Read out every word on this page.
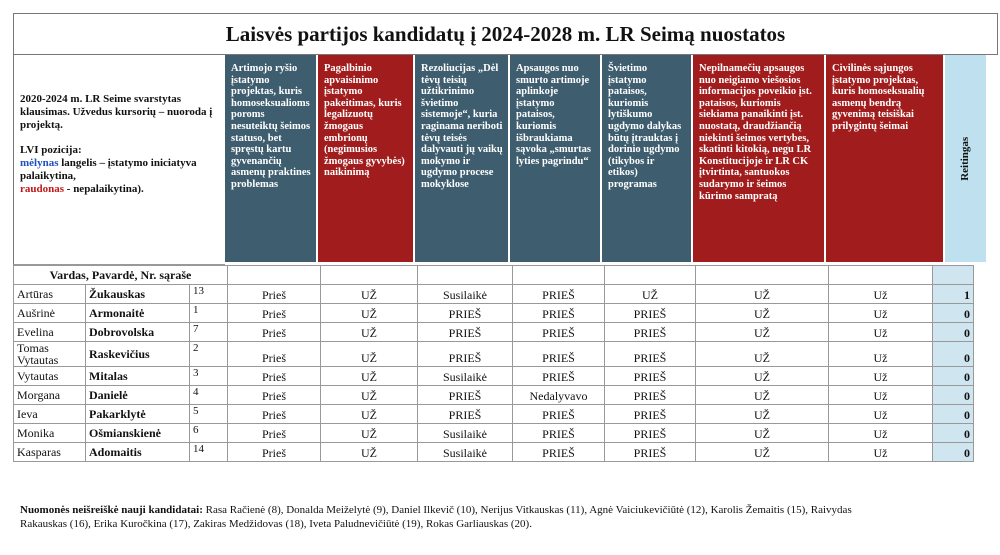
Laisvės partijos kandidatų į 2024-2028 m. LR Seimą nuostatos

2020-2024 m. LR Seime svarstytas klausimas. Užvedus kursorių – nuoroda į projektą.

LVI pozicija:
mėlynas langelis – įstatymo iniciatyva palaikytina,
raudonas - nepalaikytina).

Artimojo ryšio įstatymo projektas, kuris homoseksualioms poroms nesuteiktų šeimos statuso, bet spręstų kartu gyvenančių asmenų praktines problemas
Pagalbinio apvaisinimo įstatymo pakeitimas, kuris legalizuotų žmogaus embrionų (negimusios žmogaus gyvybės) naikinimą
Rezoliucijas „Dėl tėvų teisių užtikrinimo švietimo sistemoje“, kuria raginama neriboti tėvų teisės dalyvauti jų vaikų mokymo ir ugdymo procese mokyklose
Apsaugos nuo smurto artimoje aplinkoje įstatymo pataisos, kuriomis išbraukiama sąvoka „smurtas lyties pagrindu“
Švietimo įstatymo pataisos, kuriomis lytiškumo ugdymo dalykas būtų įtrauktas į dorinio ugdymo (tikybos ir etikos) programas
Nepilnamečių apsaugos nuo neigiamo viešosios informacijos poveikio įst. pataisos, kuriomis siekiama panaikinti įst. nuostatą, draudžiančią niekinti šeimos vertybes, skatinti kitokią, negu LR Konstitucijoje ir LR CK įtvirtinta, santuokos sudarymo ir šeimos kūrimo sampratą
Civilinės sąjungos įstatymo projektas, kuris homoseksualių asmenų bendrą gyvenimą teisiškai prilygintų šeimai
Reitingas
Vardas, Pavardė, Nr. sąraše										
Artūras	Žukauskas	13	Prieš	UŽ	Susilaikė	PRIEŠ	UŽ	UŽ	Už	1
Aušrinė	Armonaitė	1	Prieš	UŽ	PRIEŠ	PRIEŠ	PRIEŠ	UŽ	Už	0
Evelina	Dobrovolska	7	Prieš	UŽ	PRIEŠ	PRIEŠ	PRIEŠ	UŽ	Už	0
Tomas Vytautas	Raskevičius	2	Prieš	UŽ	PRIEŠ	PRIEŠ	PRIEŠ	UŽ	Už	0
Vytautas	Mitalas	3	Prieš	UŽ	Susilaikė	PRIEŠ	PRIEŠ	UŽ	Už	0
Morgana	Danielė	4	Prieš	UŽ	PRIEŠ	Nedalyvavo	PRIEŠ	UŽ	Už	0
Ieva	Pakarklytė	5	Prieš	UŽ	PRIEŠ	PRIEŠ	PRIEŠ	UŽ	Už	0
Monika	Ošmianskienė	6	Prieš	UŽ	Susilaikė	PRIEŠ	PRIEŠ	UŽ	Už	0
Kasparas	Adomaitis	14	Prieš	UŽ	Susilaikė	PRIEŠ	PRIEŠ	UŽ	Už	0
Nuomonės neišreiškė nauji kandidatai: Rasa Račienė (8), Donalda Meiželytė (9), Daniel Ilkevič (10), Nerijus Vitkauskas (11), Agnė Vaiciukevičiūtė (12), Karolis Žemaitis (15), Raivydas
Rakauskas (16), Erika Kuročkina (17), Zakiras Medžidovas (18), Iveta Paludnevičiūtė (19), Rokas Garliauskas (20).
